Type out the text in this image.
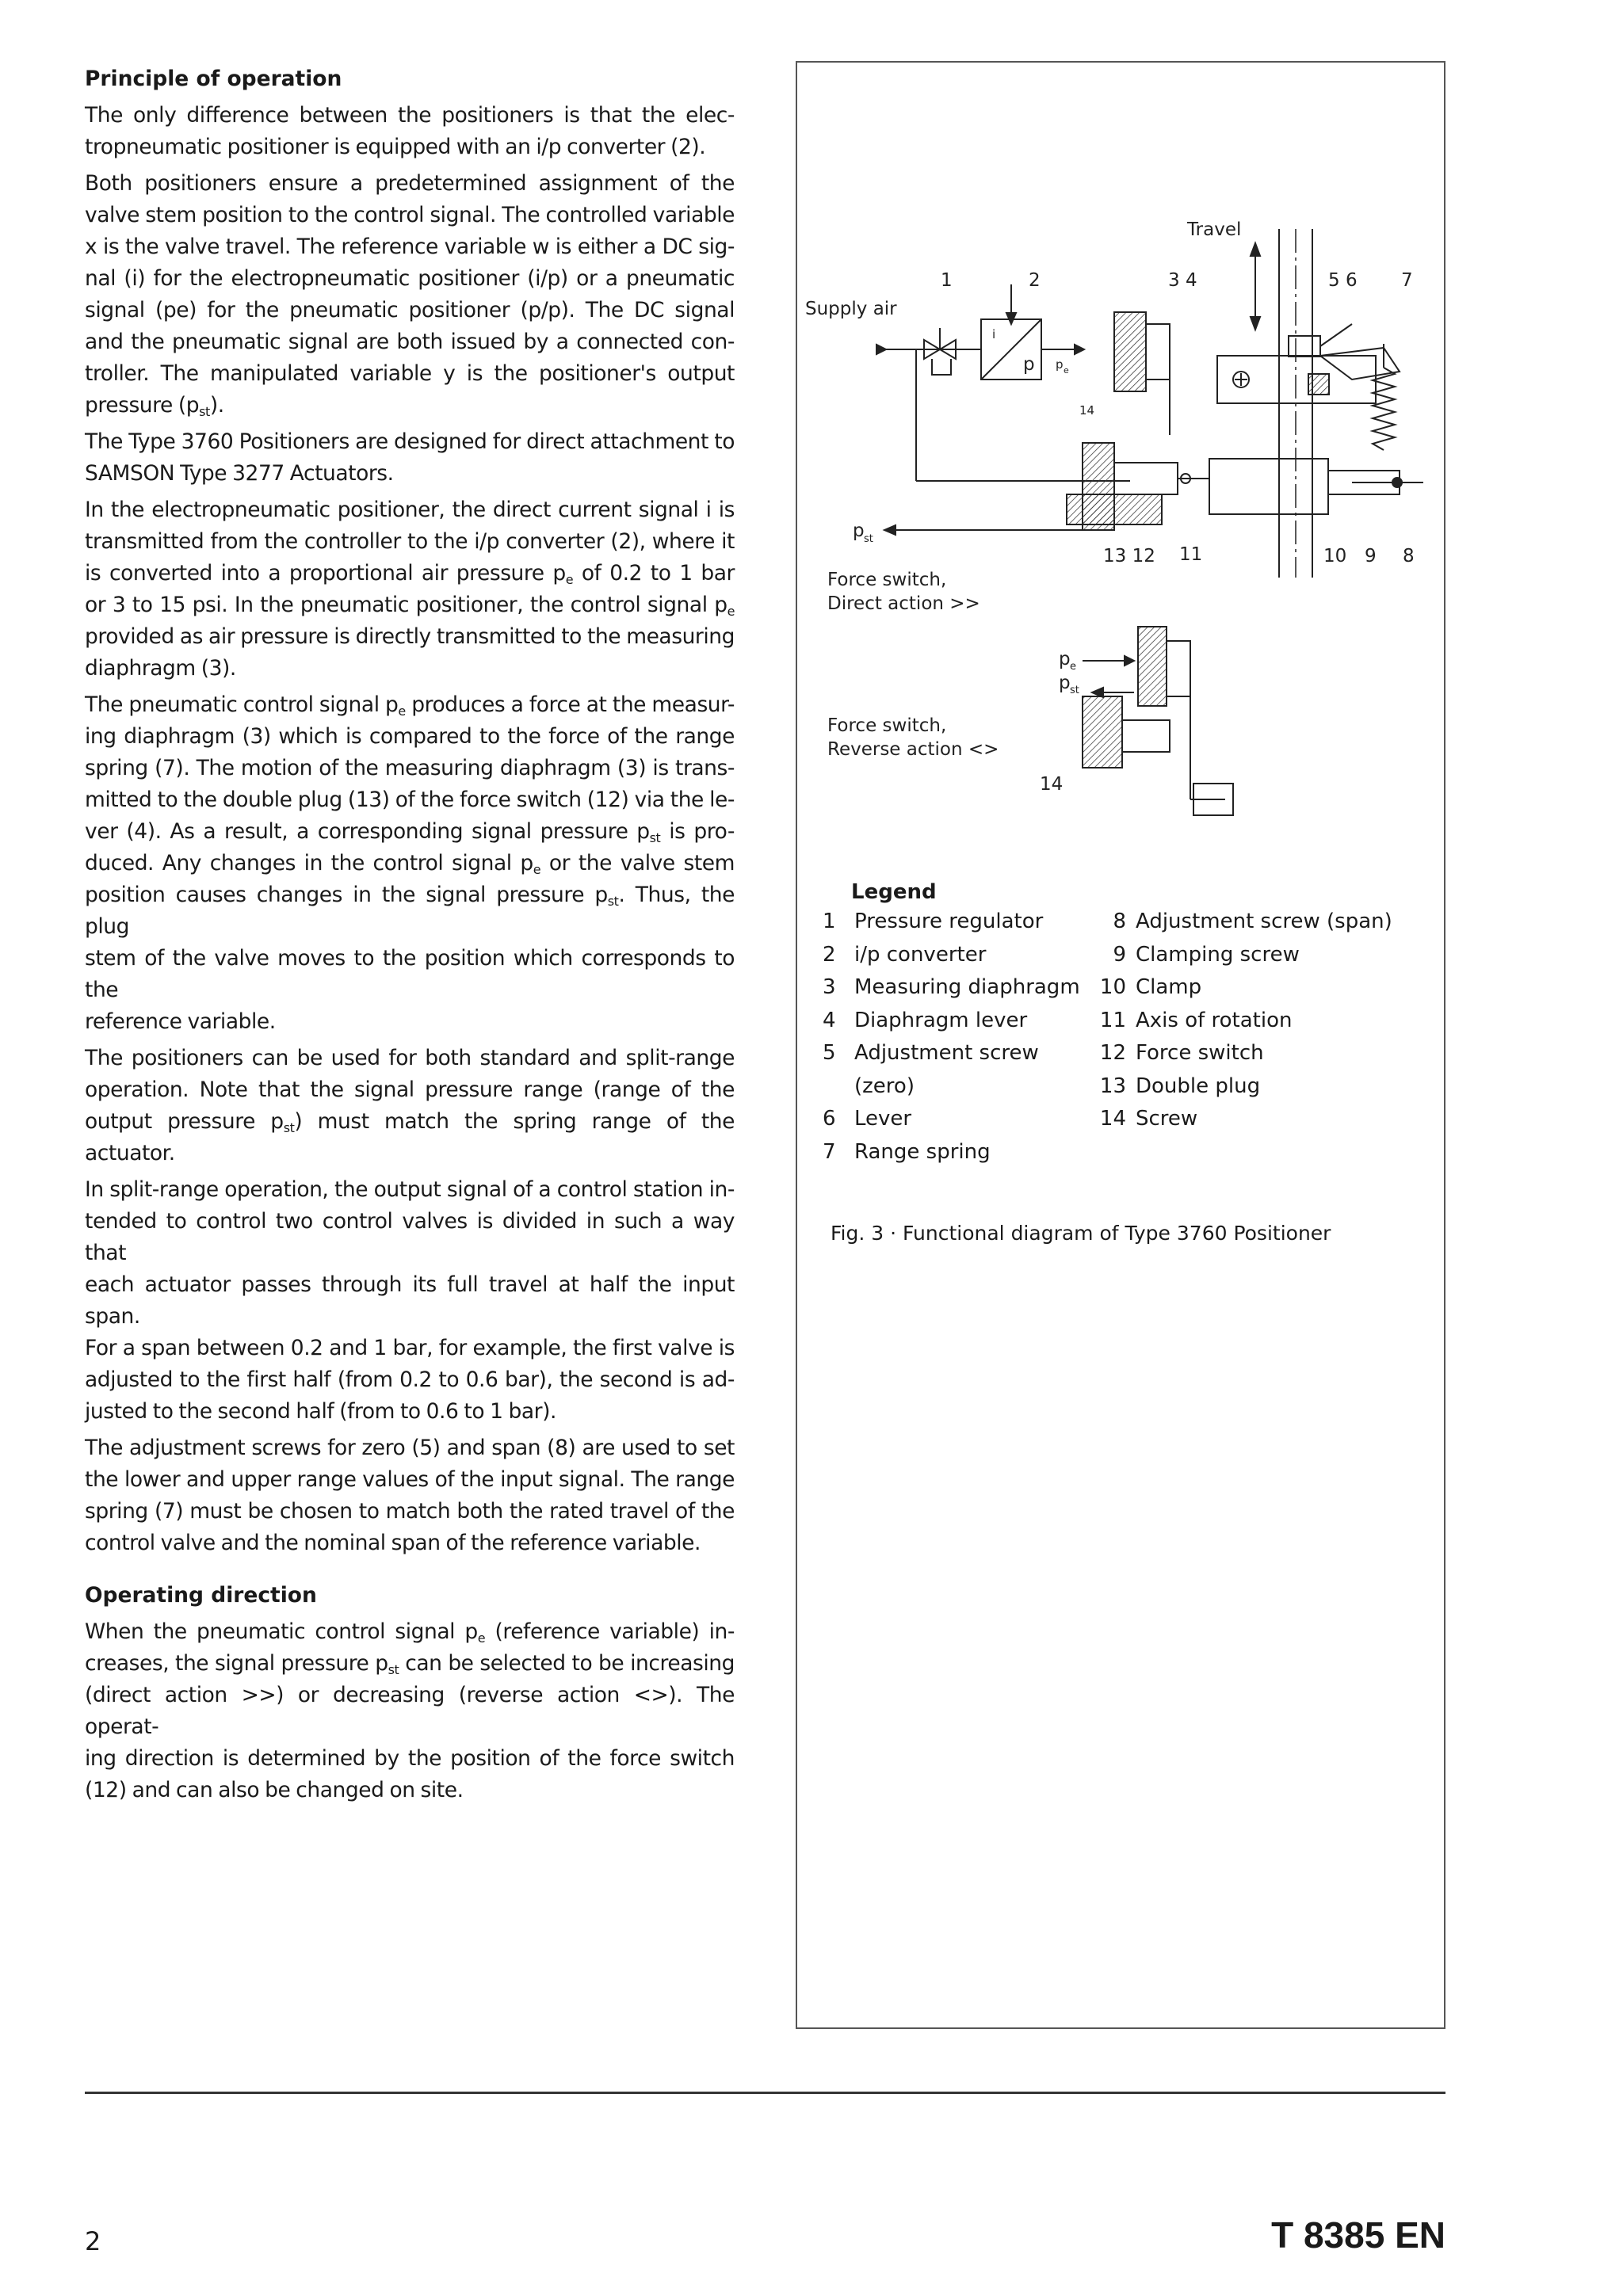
Principle of operation

The only difference between the positioners is that the elec-
tropneumatic positioner is equipped with an i/p converter (2).

Both positioners ensure a predetermined assignment of the
valve stem position to the control signal. The controlled variable
x is the valve travel. The reference variable w is either a DC sig-
nal (i) for the electropneumatic positioner (i/p) or a pneumatic
signal (pe) for the pneumatic positioner (p/p). The DC signal
and the pneumatic signal are both issued by a connected con-
troller. The manipulated variable y is the positioner's output
pressure $(p_{st})$.

The Type 3760 Positioners are designed for direct attachment to
SAMSON Type 3277 Actuators.

In the electropneumatic positioner, the direct current signal i is
transmitted from the controller to the i/p converter (2), where it
is converted into a proportional air pressure $p_e$ of 0.2 to 1 bar
or 3 to 15 psi. In the pneumatic positioner, the control signal $p_e$
provided as air pressure is directly transmitted to the measuring
diaphragm (3).

The pneumatic control signal $p_e$ produces a force at the measur-
ing diaphragm (3) which is compared to the force of the range
spring (7). The motion of the measuring diaphragm (3) is trans-
mitted to the double plug (13) of the force switch (12) via the le-
ver (4). As a result, a corresponding signal pressure $p_{st}$ is pro-
duced. Any changes in the control signal $p_e$ or the valve stem
position causes changes in the signal pressure $p_{st}$. Thus, the plug
stem of the valve moves to the position which corresponds to the
reference variable.

The positioners can be used for both standard and split-range
operation. Note that the signal pressure range (range of the
output pressure $p_{st}$) must match the spring range of the actuator.

In split-range operation, the output signal of a control station in-
tended to control two control valves is divided in such a way that
each actuator passes through its full travel at half the input span.
For a span between 0.2 and 1 bar, for example, the first valve is
adjusted to the first half (from 0.2 to 0.6 bar), the second is ad-
justed to the second half (from to 0.6 to 1 bar).

The adjustment screws for zero (5) and span (8) are used to set
the lower and upper range values of the input signal. The range
spring (7) must be chosen to match both the rated travel of the
control valve and the nominal span of the reference variable.

Operating direction

When the pneumatic control signal $p_e$ (reference variable) in-
creases, the signal pressure $p_{st}$ can be selected to be increasing
(direct action >>) or decreasing (reverse action <>). The operat-
ing direction is determined by the position of the force switch
(12) and can also be changed on site.

Travel
Supply air
1	2	3 4	5 6 7
i
p p e
14
p st
13 12 11	10 9 8
Force switch,
Direct action >>
p e
p st
Force switch,
Reverse action <>
14
Legend
1 Pressure regulator	8 Adjustment screw (span)
2 i/p converter	9 Clamping screw
3 Measuring diaphragm 10 Clamp
4 Diaphragm lever	11 Axis of rotation
5 Adjustment screw	12 Force switch
(zero)	13 Double plug
6 Lever	14 Screw
7 Range spring
Fig. 3 · Functional diagram of Type 3760 Positioner
2	T 8385 EN
